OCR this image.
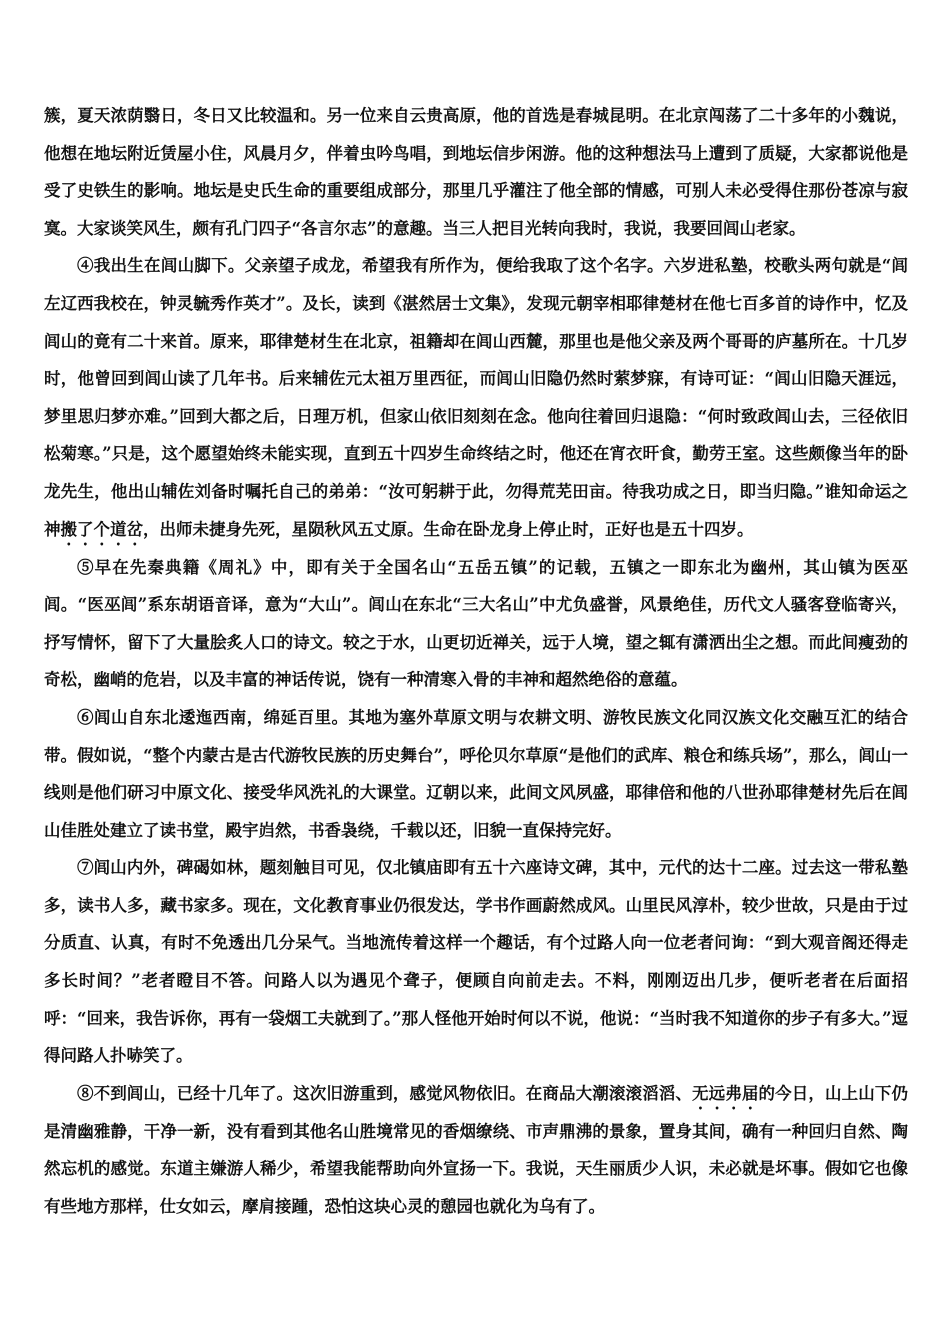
簇，夏天浓荫翳日，冬日又比较温和。另一位来自云贵高原，他的首选是春城昆明。在北京闯荡了二十多年的小魏说，他想在地坛附近赁屋小住，风晨月夕，伴着虫吟鸟唱，到地坛信步闲游。他的这种想法马上遭到了质疑，大家都说他是受了史铁生的影响。地坛是史氏生命的重要组成部分，那里几乎灌注了他全部的情感，可别人未必受得住那份苍凉与寂寞。大家谈笑风生，颇有孔门四子“各言尔志”的意趣。当三人把目光转向我时，我说，我要回闾山老家。

④我出生在闾山脚下。父亲望子成龙，希望我有所作为，便给我取了这个名字。六岁进私塾，校歌头两句就是“闾左辽西我校在，钟灵毓秀作英才”。及长，读到《湛然居士文集》，发现元朝宰相耶律楚材在他七百多首的诗作中，忆及闾山的竟有二十来首。原来，耶律楚材生在北京，祖籍却在闾山西麓，那里也是他父亲及两个哥哥的庐墓所在。十几岁时，他曾回到闾山读了几年书。后来辅佐元太祖万里西征，而闾山旧隐仍然时萦梦寐，有诗可证：“闾山旧隐天涯远，梦里思归梦亦难。”回到大都之后，日理万机，但家山依旧刻刻在念。他向往着回归退隐：“何时致政闾山去，三径依旧松菊寒。”只是，这个愿望始终未能实现，直到五十四岁生命终结之时，他还在宵衣旰食，勤劳王室。这些颇像当年的卧龙先生，他出山辅佐刘备时嘱托自己的弟弟：“汝可躬耕于此，勿得荒芜田亩。待我功成之日，即当归隐。”谁知命运之神搬了个道岔，出师未捷身先死，星陨秋风五丈原。生命在卧龙身上停止时，正好也是五十四岁。

⑤早在先秦典籍《周礼》中，即有关于全国名山“五岳五镇”的记载，五镇之一即东北为幽州，其山镇为医巫闾。“医巫闾”系东胡语音译，意为“大山”。闾山在东北“三大名山”中尤负盛誉，风景绝佳，历代文人骚客登临寄兴，抒写情怀，留下了大量脍炙人口的诗文。较之于水，山更切近禅关，远于人境，望之辄有潇洒出尘之想。而此间瘦劲的奇松，幽峭的危岩，以及丰富的神话传说，饶有一种清寒入骨的丰神和超然绝俗的意蕴。

⑥闾山自东北逶迤西南，绵延百里。其地为塞外草原文明与农耕文明、游牧民族文化同汉族文化交融互汇的结合带。假如说，“整个内蒙古是古代游牧民族的历史舞台”，呼伦贝尔草原“是他们的武库、粮仓和练兵场”，那么，闾山一线则是他们研习中原文化、接受华风洗礼的大课堂。辽朝以来，此间文风夙盛，耶律倍和他的八世孙耶律楚材先后在闾山佳胜处建立了读书堂，殿宇岿然，书香袅绕，千载以还，旧貌一直保持完好。

⑦闾山内外，碑碣如林，题刻触目可见，仅北镇庙即有五十六座诗文碑，其中，元代的达十二座。过去这一带私塾多，读书人多，藏书家多。现在，文化教育事业仍很发达，学书作画蔚然成风。山里民风淳朴，较少世故，只是由于过分质直、认真，有时不免透出几分呆气。当地流传着这样一个趣话，有个过路人向一位老者问询：“到大观音阁还得走多长时间？”老者瞪目不答。问路人以为遇见个聋子，便顾自向前走去。不料，刚刚迈出几步，便听老者在后面招呼：“回来，我告诉你，再有一袋烟工夫就到了。”那人怪他开始时何以不说，他说：“当时我不知道你的步子有多大。”逗得问路人扑哧笑了。

⑧不到闾山，已经十几年了。这次旧游重到，感觉风物依旧。在商品大潮滚滚滔滔、无远弗届的今日，山上山下仍是清幽雅静，干净一新，没有看到其他名山胜境常见的香烟缭绕、市声鼎沸的景象，置身其间，确有一种回归自然、陶然忘机的感觉。东道主嫌游人稀少，希望我能帮助向外宣扬一下。我说，天生丽质少人识，未必就是坏事。假如它也像有些地方那样，仕女如云，摩肩接踵，恐怕这块心灵的憩园也就化为乌有了。
